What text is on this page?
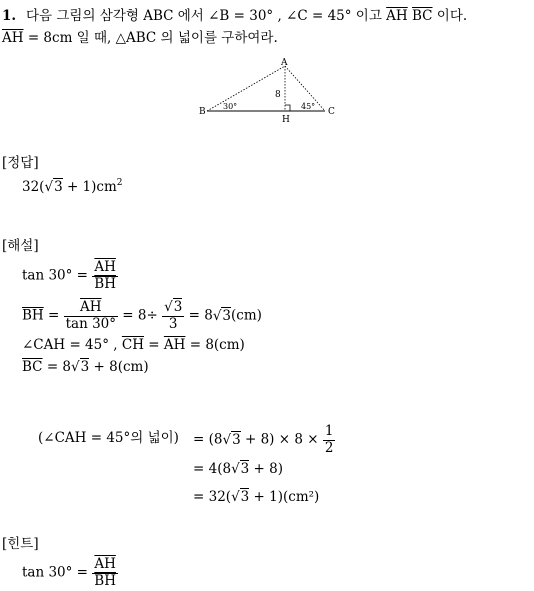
1. 다음 그림의 삼각형 ABC 에서 ∠B = 30° , ∠C = 45° 이고 $\overline{AH}$ $\overline{BC}$ 이다.
$\overline{AH} = 8cm$ 일 때, △ABC 의 넓이를 구하여라.
A
B	C
H
8
30°	45°
[정답]
$32(√3 + 1)cm^2$
[해설]
$\tan 30^\circ = \frac{\overline{AH}}{BH}$
$\overline{BH} = \frac{\overline{AH}}{\tan 30^\circ} = 8\div \frac{√3}{3} = 8√3(cm)$
∠CAH = 45° , $\overline{CH} = \overline{AH} = 8(cm)$
$\overline{BC} = 8√3 + 8(cm)$
(∠CAH = 45°의 넓이) = $(8√3 + 8) \times 8 \times \frac{1}{2}$
= 4(8√3 + 8)
= 32(√3 + 1)(cm²)
[힌트]
$\tan 30^\circ = \frac{\overline{AH}}{BH}$
